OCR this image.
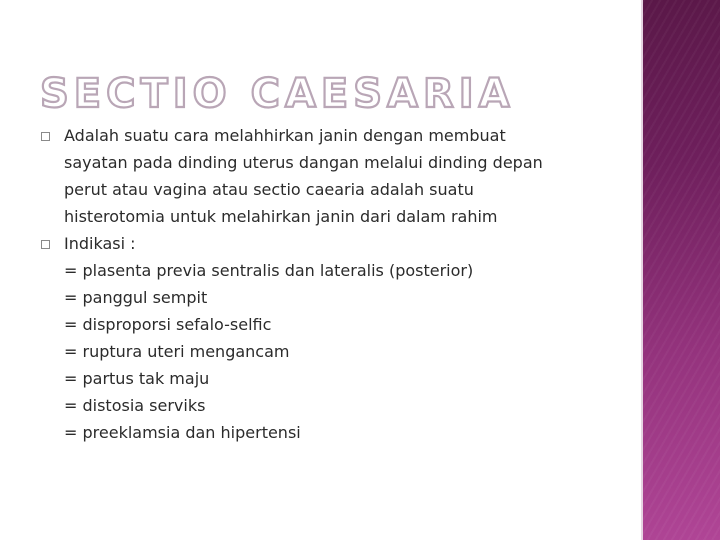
SECTIO CAESARIA
Adalah suatu cara melahhirkan janin dengan membuat
sayatan pada dinding uterus dangan melalui dinding depan
perut atau vagina atau sectio caearia adalah suatu
histerotomia untuk melahirkan janin dari dalam rahim
Indikasi :
= plasenta previa sentralis dan lateralis (posterior)
= panggul sempit
= disproporsi sefalo-selfic
= ruptura uteri mengancam
= partus tak maju
= distosia serviks
= preeklamsia dan hipertensi
